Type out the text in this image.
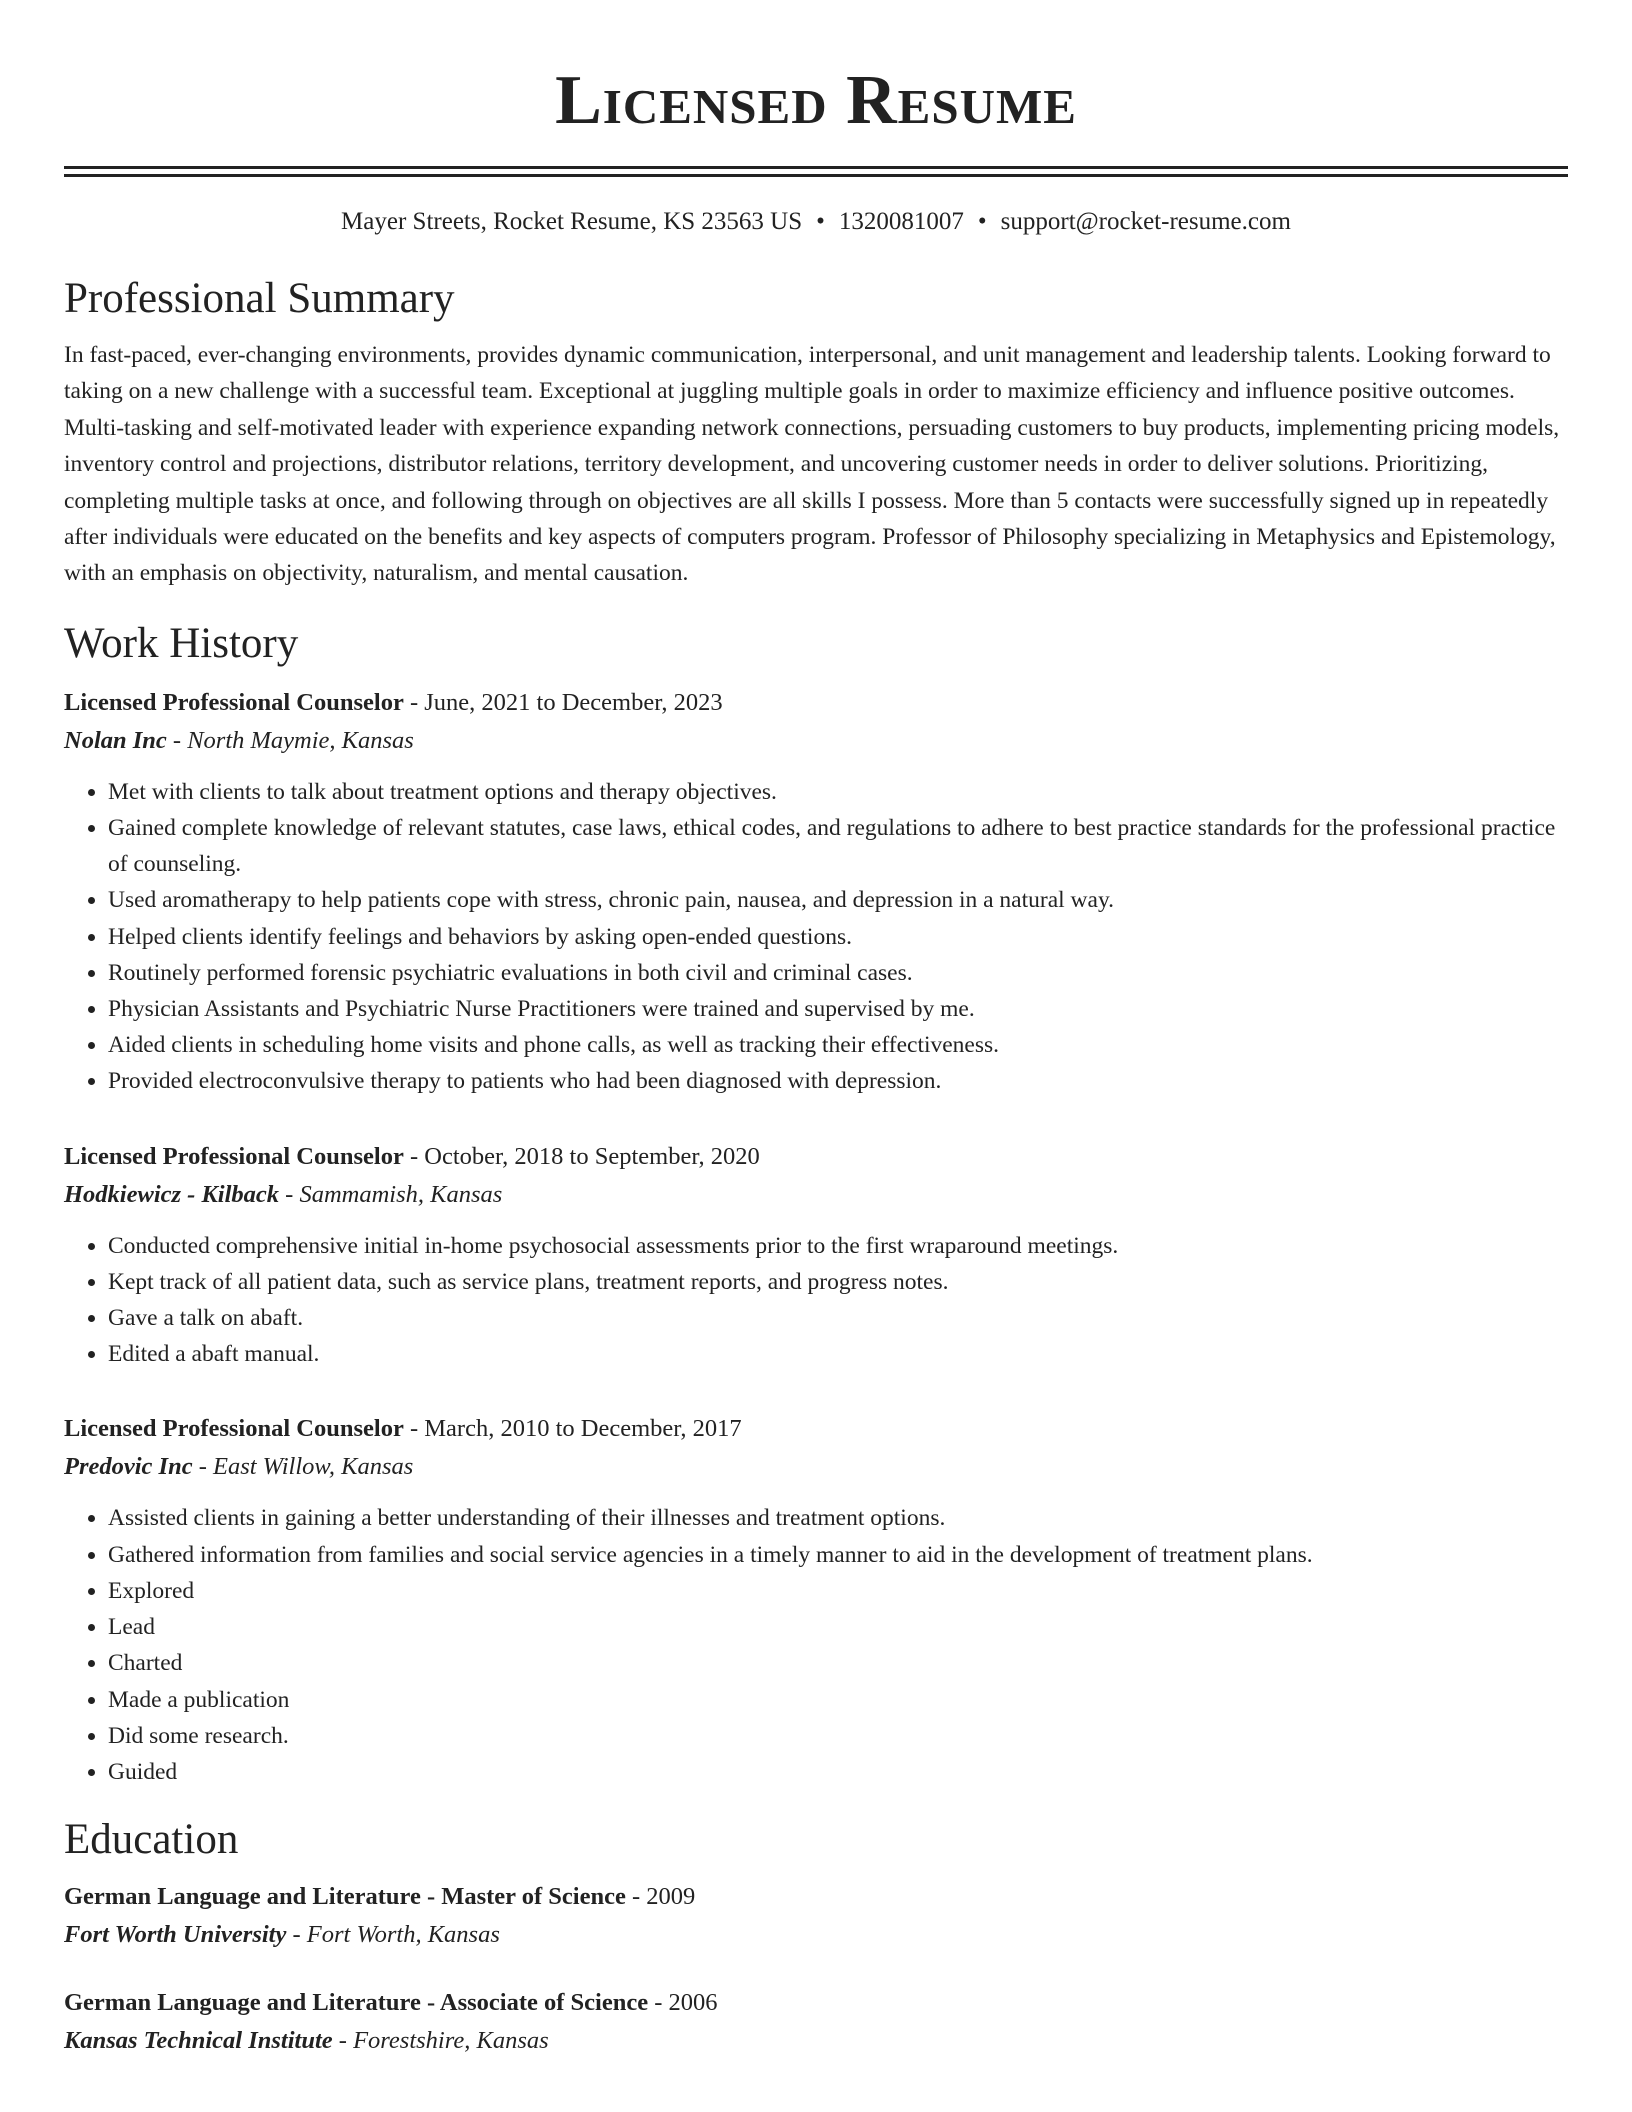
Licensed Resume
Mayer Streets, Rocket Resume, KS 23563 US • 1320081007 • support@rocket-resume.com
Professional Summary

In fast-paced, ever-changing environments, provides dynamic communication, interpersonal, and unit management and leadership talents. Looking forward to taking on a new challenge with a successful team. Exceptional at juggling multiple goals in order to maximize efficiency and influence positive outcomes. Multi-tasking and self-motivated leader with experience expanding network connections, persuading customers to buy products, implementing pricing models, inventory control and projections, distributor relations, territory development, and uncovering customer needs in order to deliver solutions. Prioritizing, completing multiple tasks at once, and following through on objectives are all skills I possess. More than 5 contacts were successfully signed up in repeatedly after individuals were educated on the benefits and key aspects of computers program. Professor of Philosophy specializing in Metaphysics and Epistemology, with an emphasis on objectivity, naturalism, and mental causation.

Work History

Licensed Professional Counselor - June, 2021 to December, 2023

Nolan Inc - North Maymie, Kansas

• Met with clients to talk about treatment options and therapy objectives.
• Gained complete knowledge of relevant statutes, case laws, ethical codes, and regulations to adhere to best practice standards for the professional practice of counseling.
• Used aromatherapy to help patients cope with stress, chronic pain, nausea, and depression in a natural way.
• Helped clients identify feelings and behaviors by asking open-ended questions.
• Routinely performed forensic psychiatric evaluations in both civil and criminal cases.
• Physician Assistants and Psychiatric Nurse Practitioners were trained and supervised by me.
• Aided clients in scheduling home visits and phone calls, as well as tracking their effectiveness.
• Provided electroconvulsive therapy to patients who had been diagnosed with depression.

Licensed Professional Counselor - October, 2018 to September, 2020

Hodkiewicz - Kilback - Sammamish, Kansas

• Conducted comprehensive initial in-home psychosocial assessments prior to the first wraparound meetings.
• Kept track of all patient data, such as service plans, treatment reports, and progress notes.
• Gave a talk on abaft.
• Edited a abaft manual.

Licensed Professional Counselor - March, 2010 to December, 2017

Predovic Inc - East Willow, Kansas

• Assisted clients in gaining a better understanding of their illnesses and treatment options.
• Gathered information from families and social service agencies in a timely manner to aid in the development of treatment plans.
• Explored
• Lead
• Charted
• Made a publication
• Did some research.
• Guided
Education

German Language and Literature - Master of Science - 2009

Fort Worth University - Fort Worth, Kansas

German Language and Literature - Associate of Science - 2006

Kansas Technical Institute - Forestshire, Kansas
